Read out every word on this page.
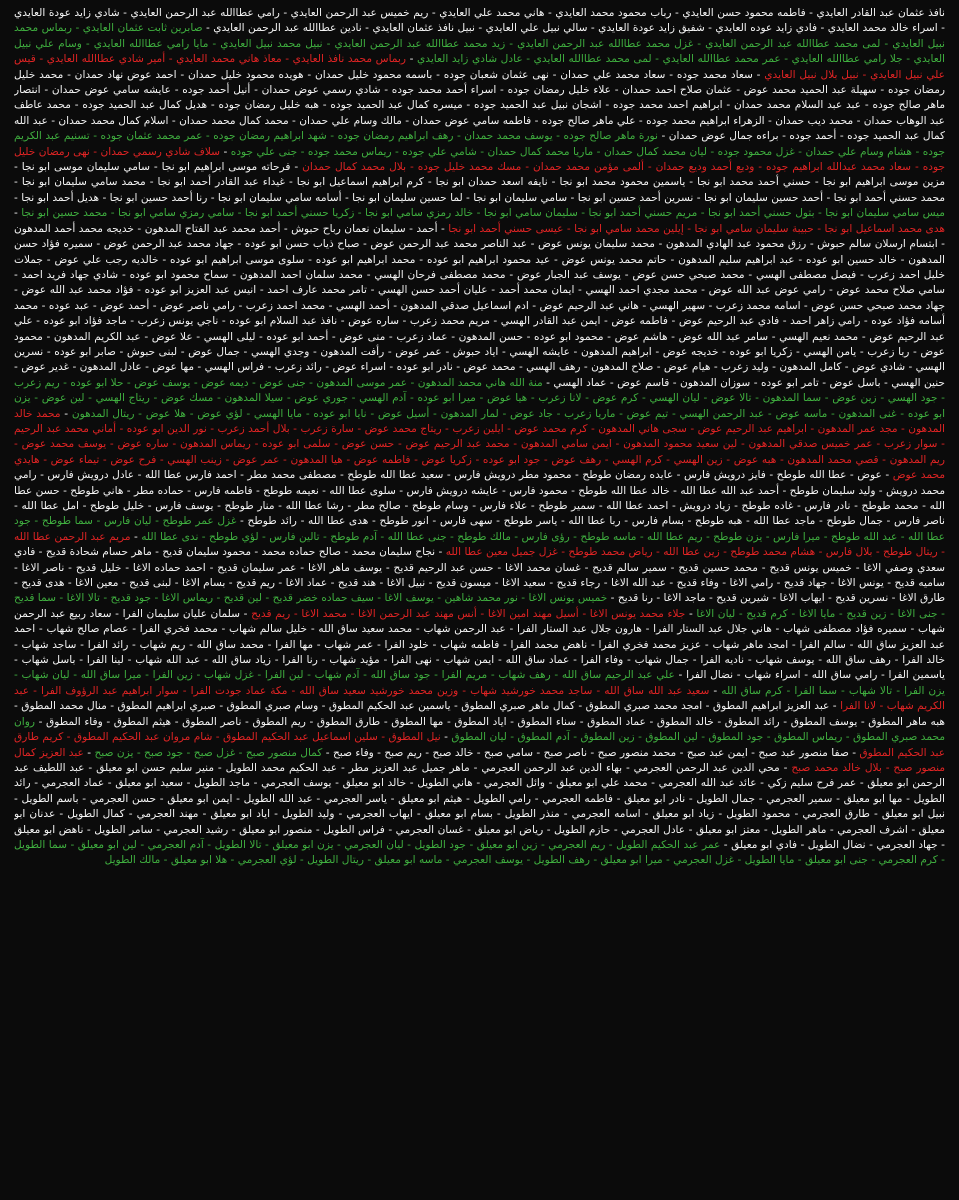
نافذ عثمان عبد القادر العايدي - فاطمه محمود حسن العايدي - رباب محمود محمد العايدي - هاني محمد علي العايدي - ريم خميس عبد الرحمن العايدي - رامي عطاالله عبد الرحمن العايدي - شادي زايد عودة العايدي - اسراء خالد محمد العايدي - فادي زايد عوده العايدي - شفيق زايد عودة العايدي - سالي نبيل علي العايدي - نبيل نافذ عثمان العايدي - نادين عطاالله عبد الرحمن العايدي - صابرين ثابت عثمان العايدي - ربماس محمد نبيل العايدي - لمى محمد عطاالله عبد الرحمن العايدي - غزل محمد عطاالله عبد الرحمن العايدي - زيد محمد عطاالله عبد الرحمن العايدي - نبيل محمد نبيل العايدي - مايا رامي عطاالله العايدي - وسام علي نبيل العايدي - جلا رامي عطاالله العايدي - عمر محمد عطاالله العايدي - لمى محمد عطاالله العايدي - عادل شادي زايد العايدي - ربماس محمد نافذ العايدي - معاذ هاني محمد العايدي - أمير شادي عطاالله العايدي - قيس علي نبيل العايدي - نبيل بلال نبيل العايدي - سعاد محمد جوده - سعاد محمد علي حمدان - نهى عثمان شعبان جوده - باسمه محمود خليل حمدان - هويده محمود خليل حمدان - احمد عوض نهاد حمدان - محمد خليل رمضان جوده - سهيلة عبد الحميد محمد عوض - عثمان صلاح احمد حمدان - علاء خليل رمضان جوده - اسراء أحمد محمد جوده - شادي رسمي عوض حمدان - أنيل أحمد جوده - عايشه سامي عوض حمدان - انتصار ماهر صالح جوده - عبد عبد السلام محمد حمدان - ابراهيم احمد محمد جوده - اشجان نبيل عبد الحميد جوده - ميسره كمال عبد الحميد جوده - هبه خليل رمضان جوده - هديل كمال عبد الحميد جوده - محمد عاطف عبد الوهاب حمدان - محمد ديب حمدان - الزهراء ابراهيم محمد جوده - علي ماهر صالح جوده - فاطمه سامي عوض حمدان - مالك وسام علي حمدان - محمد كمال محمد حمدان - اسلام كمال محمد حمدان - عبد الله كمال عبد الحميد جوده - أحمد جوده - براءه جمال عوض حمدان - نورة ماهر صالح جوده - يوسف محمد حمدان - رهف ابراهيم رمضان جوده - شهد ابراهيم رمضان جوده - عمر محمد عثمان جوده - تسنيم عبد الكريم جوده - هشام وسام علي حمدان - غزل محمود جوده - ليان محمد كمال حمدان - ماريا محمد كمال حمدان - شامي علي جوده - ريماس محمد جوده - جنى علي جوده - سلاف شادي رسمي حمدان - نهى رمضان خليل جوده - سعاد محمد عبدالله ابراهيم جوده - وديع أحمد وديع حمدان - ألمى مؤمن محمد حمدان - مسك محمد خليل جوده - بلال محمد كمال حمدان - فرحاته موسى ابراهيم ابو نجا - سامي سليمان موسى ابو نجا - مزين موسى ابراهيم ابو نجا - حسني أحمد محمد ابو نجا - ياسمين محمود محمد ابو نجا - نايفه اسعد حمدان ابو نجا - كرم ابراهيم اسماعيل ابو نجا - غيداء عبد القادر أحمد ابو نجا - محمد سامي سليمان ابو نجا - محمد حسني أحمد ابو نجا - أحمد حسين سليمان ابو نجا - نسرين أحمد حسين ابو نجا - سامي سليمان ابو نجا - لما حسين سليمان ابو نجا - أسامه سامي سليمان ابو نجا - رنا أحمد حسين ابو نجا - هديل أحمد ابو نجا - ميس سامي سليمان ابو نجا - بتول حسني أحمد ابو نجا - مريم حسني أحمد ابو نجا - سليمان سامي ابو نجا - خالد رمزي سامي ابو نجا - زكريا حسني أحمد ابو نجا - سامي رمزي سامي ابو نجا - محمد حسين ابو نجا - هدى محمد اسماعيل ابو نجا - حبيبة سليمان سامي ابو نجا - إيلين محمد سامي ابو نجا - عيسى حسني أحمد ابو نجا - أحمد - سليمان نعمان رباح حبوش - أحمد محمد عبد الفتاح المدهون - خديجه محمد أحمد المدهون - ابتسام ارسلان سالم حبوش - رزق محمود عبد الهادي المدهون - محمد سليمان يونس عوض - عبد الناصر محمد عبد الرحمن عوض - صباح ذياب حسن ابو عوده - جهاد محمد عبد الرحمن عوض - سميره فؤاد حسن المدهون - خالد حسين ابو عوده - عبد ابراهيم سليم المدهون - حاتم محمد يونس عوض - عيد محمود ابراهيم ابو عوده - محمد ابراهيم ابو عوده - سلوى موسى ابراهيم ابو عوده - خالديه رجب علي عوض - جملات خليل احمد زعرب - فيصل مصطفى الهسي - محمد صبحي حسن عوض - يوسف عبد الجبار عوض - محمد مصطفى فرحان الهسي - محمد سلمان احمد المدهون - سماح محمود ابو عوده - شادي جهاد فريد احمد - سامي صلاح محمد عوض - رامي عوض عبد الله عوض - محمد مجدي احمد الهسي - ايمان محمد أحمد - عليان أحمد حسن الهسي - تامر محمد عارف احمد - انيس عبد العزيز ابو عوده - فؤاد محمد عبد الله عوض - جهاد محمد صبحي حسن عوض - اسامه محمد زعرب - سهير الهسي - هاني عبد الرحيم عوض - ادم اسماعيل صدقي المدهون - أحمد الهسي - محمد احمد زعرب - رامي ناصر عوض - أحمد عوض - عبد عوده - محمد أسامه فؤاد عوده - رامي زاهر احمد - فادي عبد الرحيم عوض - فاطمه عوض - ايمن عبد القادر الهسي - مريم محمد زعرب - ساره عوض - نافذ عبد السلام ابو عوده - ناجي يونس زعرب - ماجد فؤاد ابو عوده - علي عبد الرحيم عوض - محمد نعيم الهسي - سامر عبد الله عوض - هاشم عوض - محمود ابو عوده - حسن المدهون - عماد زعرب - منى عوض - أحمد ابو عوده - ليلى الهسي - علا عوض - عبد الكريم المدهون - محمود عوض - ربا زعرب - يامن الهسي - زكريا ابو عوده - خديجه عوض - ابراهيم المدهون - عايشه الهسي - اياد حبوش - عمر عوض - رأفت المدهون - وجدي الهسي - جمال عوض - لبنى حبوش - صابر ابو عوده - نسرين الهسي - شادي عوض - كامل المدهون - وليد زعرب - هيام عوض - صلاح المدهون - رهف الهسي - محمد عوض - نادر ابو عوده - اسراء عوض - رائد زعرب - فراس الهسي - مها عوض - عادل المدهون - غدير عوض - حنين الهسي - باسل عوض - تامر ابو عوده - سوزان المدهون - قاسم عوض - عماد الهسي - منة الله هاني محمد المدهون - عمر موسى المدهون - جنى عوض - ديمه عوض - يوسف عوض - حلا ابو عوده - ريم زعرب - جود الهسي - زين عوض - سما المدهون - تالا عوض - ليان الهسي - كرم عوض - لانا زعرب - هيا عوض - ميرا ابو عوده - آدم الهسي - جوري عوض - سيلا المدهون - مسك عوض - ريتاج الهسي - لين عوض - يزن ابو عوده - غنى المدهون - ماسه عوض - عبد الرحمن الهسي - تيم عوض - ماريا زعرب - جاد عوض - لمار المدهون - أسيل عوض - نايا ابو عوده - مايا الهسي - لؤي عوض - هلا عوض - ريتال المدهون - محمد خالد المدهون - مجد عمر المدهون - ابراهيم عبد الرحيم عوض - سجى هاني المدهون - كرم محمد عوض - ايلين زعرب - ريتاج محمد عوض - سارة زعرب - بلال أحمد زعرب - نور الدين ابو عوده - أماني محمد عبد الرحيم - سوار زعرب - عمر خميس صدقي المدهون - لين سعيد محمود المدهون - ايمن سامي المدهون - محمد عبد الرحيم عوض - حسن عوض - سلمى ابو عوده - ريماس المدهون - ساره عوض - يوسف محمد عوض - ريم المدهون - قصي محمد المدهون - هبه عوض - زين الهسي - كرم الهسي - رهف عوض - جود ابو عوده - زكريا عوض - فاطمه عوض - هيا المدهون - عمر عوض - زينب الهسي - فرح عوض - تيماء عوض - هايدي محمد عوض - عوض - عطا الله طوطح - فايز درويش فارس - عايده رمضان طوطح - محمود مطر درويش فارس - سعيد عطا الله طوطح - مصطفى محمد مطر - احمد فارس عطا الله - عادل درويش فارس - رامي محمد درويش - وليد سليمان طوطح - أحمد عبد الله عطا الله - خالد عطا الله طوطح - محمود فارس - عايشه درويش فارس - سلوى عطا الله - نعيمه طوطح - فاطمه فارس - حماده مطر - هاني طوطح - حسن عطا الله - محمد طوطح - نادر فارس - غاده طوطح - زياد درويش - احمد عطا الله - سمير طوطح - علاء فارس - وسام طوطح - صالح مطر - رشا عطا الله - منار طوطح - يوسف فارس - خليل طوطح - امل عطا الله - ناصر فارس - جمال طوطح - ماجد عطا الله - هبه طوطح - بسام فارس - ربا عطا الله - ياسر طوطح - سهى فارس - انور طوطح - هدى عطا الله - رائد طوطح - غزل عمر طوطح - ليان فارس - سما طوطح - جود عطا الله - عبد الله طوطح - ميرا فارس - يزن طوطح - ريم عطا الله - ماسه طوطح - رؤى فارس - مالك طوطح - جنى عطا الله - آدم طوطح - تالين فارس - لؤي طوطح - ندى عطا الله - مريم عبد الرحمن عطا الله - ريتال طوطح - بلال فارس - هشام محمد طوطح - زين عطا الله - رياض محمد طوطح - غزل جميل معين عطا الله - نجاح سليمان محمد - صالح حماده محمد - محمود سليمان قديح - ماهر حسام شحادة قديح - فادي سعدي وصفي الاغا - خميس يونس قديح - محمد حسين قديح - سمير سالم قديح - غسان محمد الاغا - حسن عبد الرحيم قديح - يوسف ماهر الاغا - عمر سليمان قديح - احمد حماده الاغا - خليل قديح - ناصر الاغا - ساميه قديح - يونس الاغا - جهاد قديح - رامي الاغا - وفاء قديح - عبد الله الاغا - رجاء قديح - سعيد الاغا - ميسون قديح - نبيل الاغا - هند قديح - عماد الاغا - ريم قديح - بسام الاغا - لبنى قديح - معين الاغا - هدى قديح - طارق الاغا - نسرين قديح - ايهاب الاغا - شيرين قديح - ماجد الاغا - رنا قديح - خميس يونس الاغا - نور محمد شاهين - يوسف الاغا - سيف حماده خضر قديح - لين قديح - ريماس الاغا - جود قديح - تالا الاغا - سما قديح - جنى الاغا - زين قديح - مايا الاغا - كرم قديح - ليان الاغا - جلاء محمد يونس الاغا - أسيل مهند امين الاغا - أنس مهند عبد الرحمن الاغا - محمد الاغا - ريم قديح - سلمان عليان سليمان الفرا - سعاد ربيع عبد الرحمن شهاب - سميره فؤاد مصطفى شهاب - هاني جلال عبد الستار الفرا - هارون جلال عبد الستار الفرا - عبد الرحمن شهاب - محمد سعيد ساق الله - خليل سالم شهاب - محمد فخري الفرا - عصام صالح شهاب - احمد عبد العزيز ساق الله - سالم الفرا - امجد ماهر شهاب - عزيز محمد فخري الفرا - ناهض محمد الفرا - فاطمه شهاب - خلود الفرا - عمر شهاب - مها الفرا - محمد ساق الله - ريم شهاب - رائد الفرا - ساجد شهاب - خالد الفرا - رهف ساق الله - يوسف شهاب - ناديه الفرا - جمال شهاب - وفاء الفرا - عماد ساق الله - ايمن شهاب - نهى الفرا - مؤيد شهاب - رنا الفرا - زياد ساق الله - عبد الله شهاب - لينا الفرا - باسل شهاب - ياسمين الفرا - رامي ساق الله - اسراء شهاب - نضال الفرا - علي عبد الرحيم ساق الله - رهف شهاب - مريم الفرا - جود ساق الله - آدم شهاب - لين الفرا - غزل شهاب - زين الفرا - ميرا ساق الله - ليان شهاب - يزن الفرا - تالا شهاب - سما الفرا - كرم ساق الله - سعيد عبد الله ساق الله - ساجد محمد خورشيد شهاب - وزين محمد خورشيد سعيد ساق الله - مكة عماد جودت الفرا - سوار ابراهيم عبد الرؤوف الفرا - عبد الكريم شهاب - لانا الفرا - عبد العزيز ابراهيم المطوق - امجد محمد صبري المطوق - كمال ماهر صبري المطوق - ياسمين عبد الحكيم المطوق - وسام صبري المطوق - صبري ابراهيم المطوق - منال محمد المطوق - هبه ماهر المطوق - يوسف المطوق - رائد المطوق - خالد المطوق - عماد المطوق - سناء المطوق - اياد المطوق - مها المطوق - طارق المطوق - ريم المطوق - ناصر المطوق - هيثم المطوق - وفاء المطوق - روان محمد صبري المطوق - ريماس المطوق - جود المطوق - لين المطوق - زين المطوق - آدم المطوق - ليان المطوق - نيل المطوق - سلين اسماعيل عبد الحكيم المطوق - شام مروان عبد الحكيم المطوق - كريم طارق عبد الحكيم المطوق - صفا منصور عبد صبح - ايمن عبد صبح - محمد منصور صبح - ناصر صبح - سامي صبح - خالد صبح - ريم صبح - وفاء صبح - كمال منصور صبح - غزل صبح - جود صبح - يزن صبح - عبد العزيز كمال منصور صبح - بلال خالد محمد صبح - محي الدين عبد الرحمن العجرمي - بهاء الدين عبد الرحمن العجرمي - ماهر جميل عبد العزيز مطر - عبد الحكيم محمد الطويل - منير سليم حسن ابو معيلق - عبد اللطيف عبد الرحمن ابو معيلق - عمر فرح سليم زكي - عائد عبد الله العجرمي - محمد علي ابو معيلق - وائل العجرمي - هاني الطويل - خالد ابو معيلق - يوسف العجرمي - ماجد الطويل - سعيد ابو معيلق - عماد العجرمي - رائد الطويل - مها ابو معيلق - سمير العجرمي - جمال الطويل - نادر ابو معيلق - فاطمه العجرمي - رامي الطويل - هيثم ابو معيلق - ياسر العجرمي - عبد الله الطويل - ايمن ابو معيلق - حسن العجرمي - باسم الطويل - نبيل ابو معيلق - طارق العجرمي - محمود الطويل - زياد ابو معيلق - اسامه العجرمي - منذر الطويل - بسام ابو معيلق - ايهاب العجرمي - وليد الطويل - اياد ابو معيلق - مهند العجرمي - كمال الطويل - عدنان ابو معيلق - اشرف العجرمي - ماهر الطويل - معتز ابو معيلق - عادل العجرمي - حازم الطويل - رياض ابو معيلق - غسان العجرمي - فراس الطويل - منصور ابو معيلق - رشيد العجرمي - سامر الطويل - ناهض ابو معيلق - جهاد العجرمي - نضال الطويل - فادي ابو معيلق - عمر عبد الحكيم الطويل - ريم العجرمي - زين ابو معيلق - جود الطويل - ليان العجرمي - يزن ابو معيلق - تالا الطويل - آدم العجرمي - لين ابو معيلق - سما الطويل - كرم العجرمي - جنى ابو معيلق - مايا الطويل - غزل العجرمي - ميرا ابو معيلق - رهف الطويل - يوسف العجرمي - ماسه ابو معيلق - ريتال الطويل - لؤي العجرمي - هلا ابو معيلق - مالك الطويل
